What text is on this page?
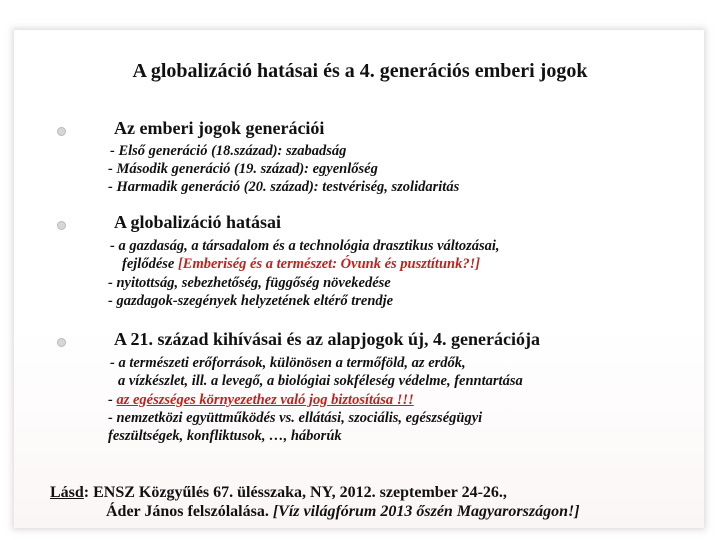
A globalizáció hatásai és a 4. generációs emberi jogok
Az emberi jogok generációi
- Első generáció (18.század): szabadság
- Második generáció (19. század): egyenlőség
- Harmadik generáció (20. század): testvériség, szolidaritás
A globalizáció hatásai
- a gazdaság, a társadalom és a technológia drasztikus változásai,
fejlődése [Emberiség és a természet: Óvunk és pusztítunk?!]
- nyitottság, sebezhetőség, függőség növekedése
- gazdagok-szegények helyzetének eltérő trendje
A 21. század kihívásai és az alapjogok új, 4. generációja
- a természeti erőforrások, különösen a termőföld, az erdők,
a vízkészlet, ill. a levegő, a biológiai sokféleség védelme, fenntartása
- az egészséges környezethez való jog biztosítása !!!
- nemzetközi együttműködés vs. ellátási, szociális, egészségügyi
feszültségek, konfliktusok, …, háborúk
Lásd: ENSZ Közgyűlés 67. ülésszaka, NY, 2012. szeptember 24-26.,
Áder János felszólalása. [Víz világfórum 2013 őszén Magyarországon!]
